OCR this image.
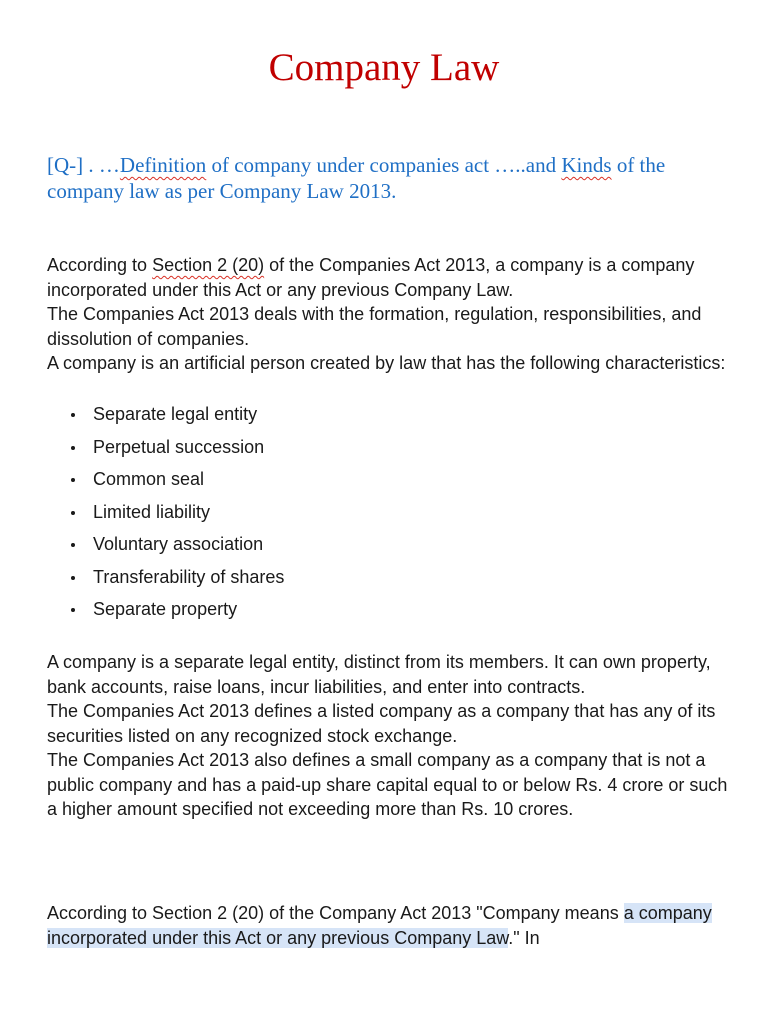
Company Law
[Q-] . …Definition of company under companies act …..and Kinds of the company law as per Company Law 2013.

According to Section 2 (20) of the Companies Act 2013, a company is a company incorporated under this Act or any previous Company Law.

The Companies Act 2013 deals with the formation, regulation, responsibilities, and dissolution of companies.

A company is an artificial person created by law that has the following characteristics:

Separate legal entity
Perpetual succession
Common seal
Limited liability
Voluntary association
Transferability of shares
Separate property

A company is a separate legal entity, distinct from its members. It can own property, bank accounts, raise loans, incur liabilities, and enter into contracts.

The Companies Act 2013 defines a listed company as a company that has any of its securities listed on any recognized stock exchange.

The Companies Act 2013 also defines a small company as a company that is not a public company and has a paid-up share capital equal to or below Rs. 4 crore or such a higher amount specified not exceeding more than Rs. 10 crores.

According to Section 2 (20) of the Company Act 2013 "Company means a company incorporated under this Act or any previous Company Law." In
